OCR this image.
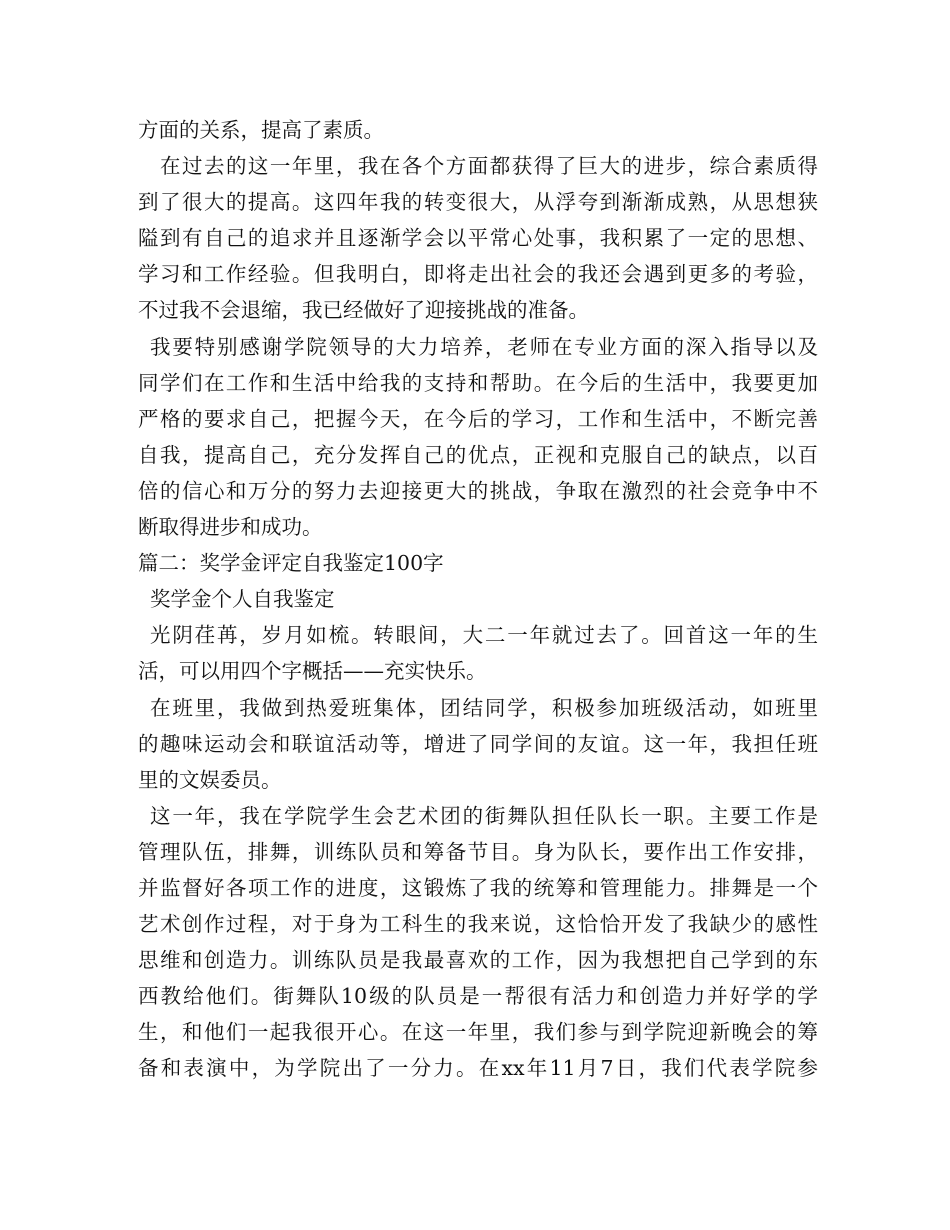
方面的关系，提高了素质。
在过去的这一年里，我在各个方面都获得了巨大的进步，综合素质得
到了很大的提高。这四年我的转变很大，从浮夸到渐渐成熟，从思想狭
隘到有自己的追求并且逐渐学会以平常心处事，我积累了一定的思想、
学习和工作经验。但我明白，即将走出社会的我还会遇到更多的考验，
不过我不会退缩，我已经做好了迎接挑战的准备。
我要特别感谢学院领导的大力培养，老师在专业方面的深入指导以及
同学们在工作和生活中给我的支持和帮助。在今后的生活中，我要更加
严格的要求自己，把握今天，在今后的学习，工作和生活中，不断完善
自我，提高自己，充分发挥自己的优点，正视和克服自己的缺点，以百
倍的信心和万分的努力去迎接更大的挑战，争取在激烈的社会竞争中不
断取得进步和成功。
篇二：奖学金评定自我鉴定100字
奖学金个人自我鉴定
光阴荏苒，岁月如梳。转眼间，大二一年就过去了。回首这一年的生
活，可以用四个字概括——充实快乐。
在班里，我做到热爱班集体，团结同学，积极参加班级活动，如班里
的趣味运动会和联谊活动等，增进了同学间的友谊。这一年，我担任班
里的文娱委员。
这一年，我在学院学生会艺术团的街舞队担任队长一职。主要工作是
管理队伍，排舞，训练队员和筹备节目。身为队长，要作出工作安排，
并监督好各项工作的进度，这锻炼了我的统筹和管理能力。排舞是一个
艺术创作过程，对于身为工科生的我来说，这恰恰开发了我缺少的感性
思维和创造力。训练队员是我最喜欢的工作，因为我想把自己学到的东
西教给他们。街舞队10级的队员是一帮很有活力和创造力并好学的学
生，和他们一起我很开心。在这一年里，我们参与到学院迎新晚会的筹
备和表演中，为学院出了一分力。在xx年11月7日，我们代表学院参
